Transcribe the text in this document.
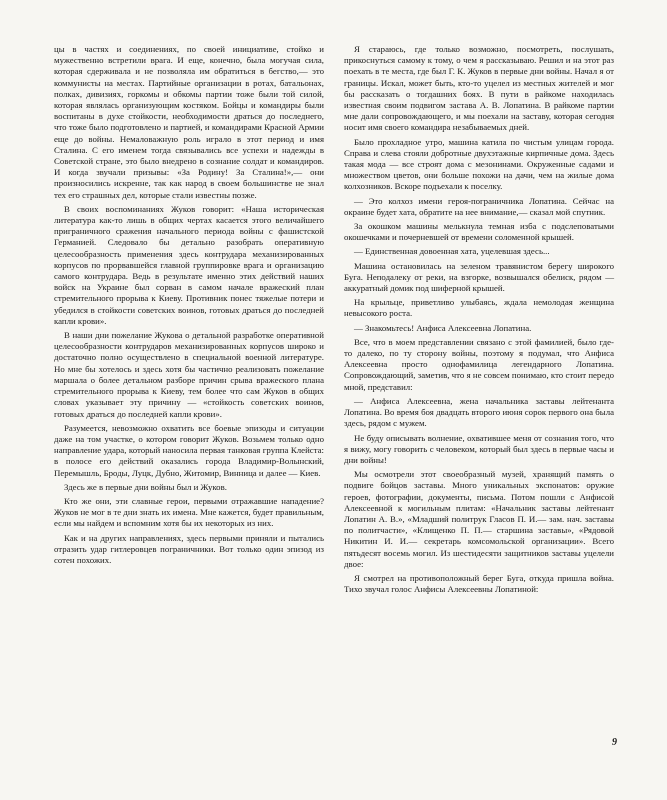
цы в частях и соединениях, по своей инициативе, стойко и мужественно встретили врага. И еще, конечно, была могучая сила, которая сдерживала и не позволяла им обратиться в бегство,— это коммунисты на местах. Партийные организации в ротах, батальонах, полках, дивизиях, горкомы и обкомы партии тоже были той силой, которая являлась организующим костяком. Бойцы и командиры были воспитаны в духе стойкости, необходимости драться до последнего, что тоже было подготовлено и партией, и командирами Красной Армии еще до войны. Немаловажную роль играло в этот период и имя Сталина. С его именем тогда связывались все успехи и надежды в Советской стране, это было внедрено в сознание солдат и командиров. И когда звучали призывы: «За Родину! За Сталина!»,— они произносились искренне, так как народ в своем большинстве не знал тех его страшных дел, которые стали известны позже.

В своих воспоминаниях Жуков говорит: «Наша историческая литература как-то лишь в общих чертах касается этого величайшего приграничного сражения начального периода войны с фашистской Германией. Следовало бы детально разобрать оперативную целесообразность применения здесь контрудара механизированных корпусов по прорвавшейся главной группировке врага и организацию самого контрудара. Ведь в результате именно этих действий наших войск на Украине был сорван в самом начале вражеский план стремительного прорыва к Киеву. Противник понес тяжелые потери и убедился в стойкости советских воинов, готовых драться до последней капли крови».

В наши дни пожелание Жукова о детальной разработке оперативной целесообразности контрударов механизированных корпусов широко и достаточно полно осуществлено в специальной военной литературе. Но мне бы хотелось и здесь хотя бы частично реализовать пожелание маршала о более детальном разборе причин срыва вражеского плана стремительного прорыва к Киеву, тем более что сам Жуков в общих словах указывает эту причину — «стойкость советских воинов, готовых драться до последней капли крови».

Разумеется, невозможно охватить все боевые эпизоды и ситуации даже на том участке, о котором говорит Жуков. Возьмем только одно направление удара, который наносила первая танковая группа Клейста: в полосе его действий оказались города Владимир-Волынский, Перемышль, Броды, Луцк, Дубно, Житомир, Винница и далее — Киев.

Здесь же в первые дни войны был и Жуков.

Кто же они, эти славные герои, первыми отражавшие нападение? Жуков не мог в те дни знать их имена. Мне кажется, будет правильным, если мы найдем и вспомним хотя бы их некоторых из них.

Как и на других направлениях, здесь первыми приняли и пытались отразить удар гитлеровцев пограничники. Вот только один эпизод из сотен похожих.

Я стараюсь, где только возможно, посмотреть, послушать, прикоснуться самому к тому, о чем я рассказываю. Решил и на этот раз поехать в те места, где был Г. К. Жуков в первые дни войны. Начал я от границы. Искал, может быть, кто-то уцелел из местных жителей и мог бы рассказать о тогдашних боях. В пути в райкоме находилась известная своим подвигом застава А. В. Лопатина. В райкоме партии мне дали сопровождающего, и мы поехали на заставу, которая сегодня носит имя своего командира незабываемых дней.

Было прохладное утро, машина катила по чистым улицам города. Справа и слева стояли добротные двухэтажные кирпичные дома. Здесь такая мода — все строят дома с мезонинами. Окруженные садами и множеством цветов, они больше похожи на дачи, чем на жилые дома колхозников. Вскоре подъехали к поселку.

— Это колхоз имени героя-пограничника Лопатина. Сейчас на окраине будет хата, обратите на нее внимание,— сказал мой спутник.

За окошком машины мелькнула темная изба с подслеповатыми окошечками и почерневшей от времени соломенной крышей.

— Единственная довоенная хата, уцелевшая здесь...

Машина остановилась на зеленом травянистом берегу широкого Буга. Неподалеку от реки, на взгорке, возвышался обелиск, рядом — аккуратный домик под шиферной крышей.

На крыльце, приветливо улыбаясь, ждала немолодая женщина невысокого роста.

— Знакомьтесь! Анфиса Алексеевна Лопатина.

Все, что в моем представлении связано с этой фамилией, было где-то далеко, по ту сторону войны, поэтому я подумал, что Анфиса Алексеевна просто однофамилица легендарного Лопатина. Сопровождающий, заметив, что я не совсем понимаю, кто стоит передо мной, представил:

— Анфиса Алексеевна, жена начальника заставы лейтенанта Лопатина. Во время боя двадцать второго июня сорок первого она была здесь, рядом с мужем.

Не буду описывать волнение, охватившее меня от сознания того, что я вижу, могу говорить с человеком, который был здесь в первые часы и дни войны!

Мы осмотрели этот своеобразный музей, хранящий память о подвиге бойцов заставы. Много уникальных экспонатов: оружие героев, фотографии, документы, письма. Потом пошли с Анфисой Алексеевной к могильным плитам: «Начальник заставы лейтенант Лопатин А. В.», «Младший политрук Гласов П. И.— зам. нач. заставы по политчасти», «Клищенко П. П.— старшина заставы», «Рядовой Никитин И. И.— секретарь комсомольской организации». Всего пятьдесят восемь могил. Из шестидесяти защитников заставы уцелели двое:

Я смотрел на противоположный берег Буга, откуда пришла война. Тихо звучал голос Анфисы Алексеевны Лопатиной:

9
